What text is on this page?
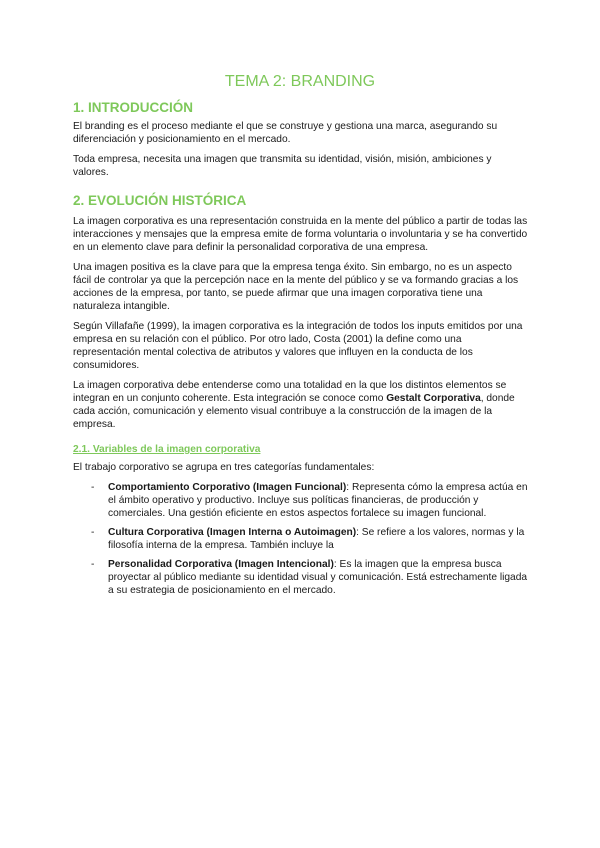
TEMA 2: BRANDING
1. INTRODUCCIÓN

El branding es el proceso mediante el que se construye y gestiona una marca, asegurando su diferenciación y posicionamiento en el mercado.

Toda empresa, necesita una imagen que transmita su identidad, visión, misión, ambiciones y valores.

2. EVOLUCIÓN HISTÓRICA

La imagen corporativa es una representación construida en la mente del público a partir de todas las interacciones y mensajes que la empresa emite de forma voluntaria o involuntaria y se ha convertido en un elemento clave para definir la personalidad corporativa de una empresa.

Una imagen positiva es la clave para que la empresa tenga éxito. Sin embargo, no es un aspecto fácil de controlar ya que la percepción nace en la mente del público y se va formando gracias a los acciones de la empresa, por tanto, se puede afirmar que una imagen corporativa tiene una naturaleza intangible.

Según Villafañe (1999), la imagen corporativa es la integración de todos los inputs emitidos por una empresa en su relación con el público. Por otro lado, Costa (2001) la define como una representación mental colectiva de atributos y valores que influyen en la conducta de los consumidores.

La imagen corporativa debe entenderse como una totalidad en la que los distintos elementos se integran en un conjunto coherente. Esta integración se conoce como Gestalt Corporativa, donde cada acción, comunicación y elemento visual contribuye a la construcción de la imagen de la empresa.

2.1. Variables de la imagen corporativa

El trabajo corporativo se agrupa en tres categorías fundamentales:

- Comportamiento Corporativo (Imagen Funcional): Representa cómo la empresa actúa en el ámbito operativo y productivo. Incluye sus políticas financieras, de producción y comerciales. Una gestión eficiente en estos aspectos fortalece su imagen funcional.
- Cultura Corporativa (Imagen Interna o Autoimagen): Se refiere a los valores, normas y la filosofía interna de la empresa. También incluye la
- Personalidad Corporativa (Imagen Intencional): Es la imagen que la empresa busca proyectar al público mediante su identidad visual y comunicación. Está estrechamente ligada a su estrategia de posicionamiento en el mercado.
